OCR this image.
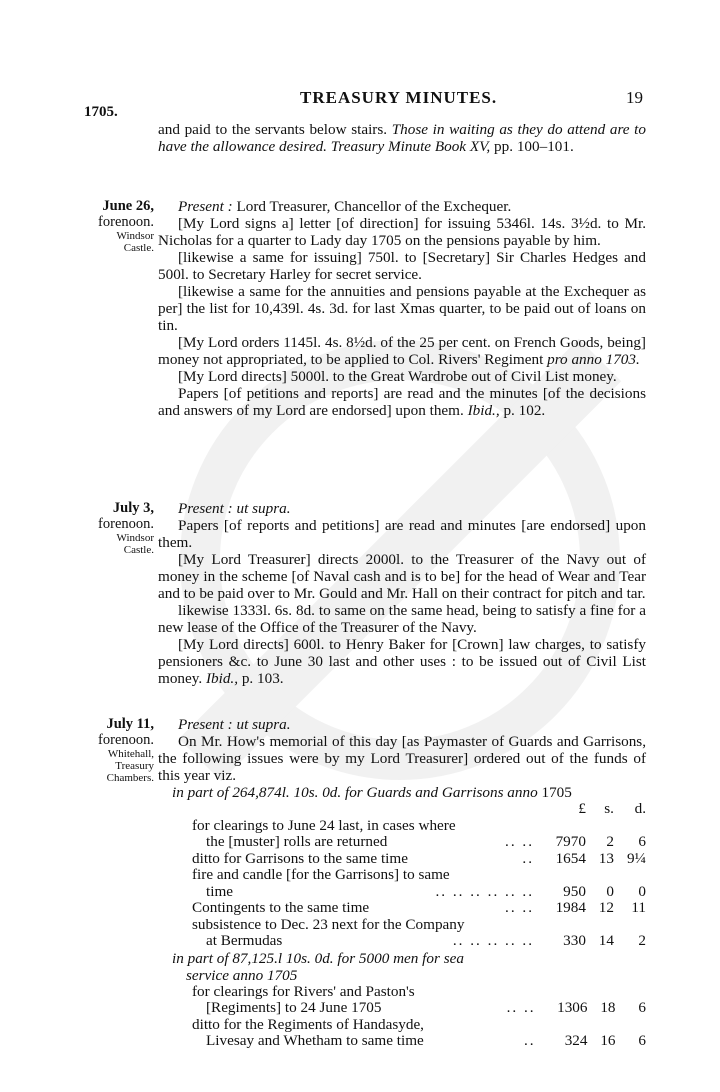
1705.
TREASURY MINUTES.	19

and paid to the servants below stairs. Those in waiting as they do attend are to have the allowance desired. Treasury Minute Book XV, pp. 100–101.

June 26,
forenoon.
Windsor
Castle.

Present : Lord Treasurer, Chancellor of the Exchequer.

[My Lord signs a] letter [of direction] for issuing 5346l. 14s. 3½d. to Mr. Nicholas for a quarter to Lady day 1705 on the pensions payable by him.

[likewise a same for issuing] 750l. to [Secretary] Sir Charles Hedges and 500l. to Secretary Harley for secret service.

[likewise a same for the annuities and pensions payable at the Exchequer as per] the list for 10,439l. 4s. 3d. for last Xmas quarter, to be paid out of loans on tin.

[My Lord orders 1145l. 4s. 8½d. of the 25 per cent. on French Goods, being] money not appropriated, to be applied to Col. Rivers' Regiment pro anno 1703.

[My Lord directs] 5000l. to the Great Wardrobe out of Civil List money.

Papers [of petitions and reports] are read and the minutes [of the decisions and answers of my Lord are endorsed] upon them. Ibid., p. 102.

July 3,
forenoon.
Windsor
Castle.

Present : ut supra.

Papers [of reports and petitions] are read and minutes [are endorsed] upon them.

[My Lord Treasurer] directs 2000l. to the Treasurer of the Navy out of money in the scheme [of Naval cash and is to be] for the head of Wear and Tear and to be paid over to Mr. Gould and Mr. Hall on their contract for pitch and tar.

likewise 1333l. 6s. 8d. to same on the same head, being to satisfy a fine for a new lease of the Office of the Treasurer of the Navy.

[My Lord directs] 600l. to Henry Baker for [Crown] law charges, to satisfy pensioners &c. to June 30 last and other uses : to be issued out of Civil List money. Ibid., p. 103.

July 11,
forenoon.
Whitehall,
Treasury
Chambers.

Present : ut supra.

On Mr. How's memorial of this day [as Paymaster of Guards and Garrisons, the following issues were by my Lord Treasurer] ordered out of the funds of this year viz.

in part of 264,874l. 10s. 0d. for Guards and Garrisons anno 1705

	£	s.	d.
for clearings to June 24 last, in cases where			
the [muster] rolls are returned .. ..	7970	2	6
ditto for Garrisons to the same time ..	1654	13	9¼
fire and candle [for the Garrisons] to same			
time .. .. .. .. .. ..	950	0	0
Contingents to the same time .. ..	1984	12	11
subsistence to Dec. 23 next for the Company			
at Bermudas .. .. .. .. ..	330	14	2

in part of 87,125.l 10s. 0d. for 5000 men for sea

service anno 1705

for clearings for Rivers' and Paston's			
[Regiments] to 24 June 1705 .. ..	1306	18	6
ditto for the Regiments of Handasyde,			
Livesay and Whetham to same time ..	324	16	6
